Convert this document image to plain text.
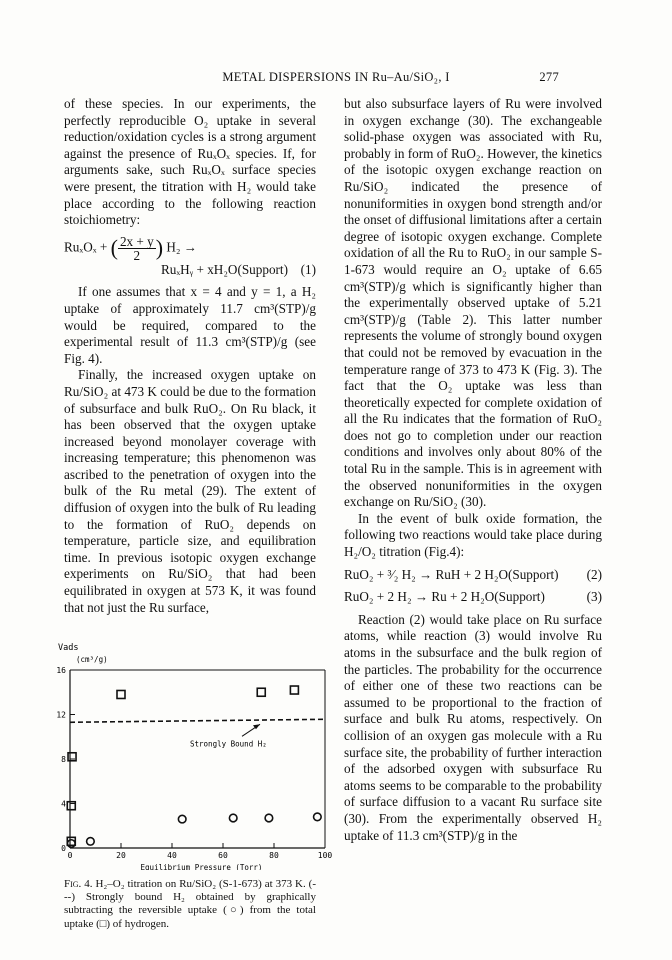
METAL DISPERSIONS IN Ru–Au/SiO₂, I	277

of these species. In our experiments, the perfectly reproducible O₂ uptake in several reduction/oxidation cycles is a strong argument against the presence of RuₓOₓ species. If, for arguments sake, such RuₓOₓ surface species were present, the titration with H₂ would take place according to the following reaction stoichiometry:

RuₓOₓ + ( $\frac{2x + y}{2}$ ) H₂ →
RuₓHᵧ + xH₂O(Support) (1)

If one assumes that x = 4 and y = 1, a H₂ uptake of approximately 11.7 cm³(STP)/g would be required, compared to the experimental result of 11.3 cm³(STP)/g (see Fig. 4).

Finally, the increased oxygen uptake on Ru/SiO₂ at 473 K could be due to the formation of subsurface and bulk RuO₂. On Ru black, it has been observed that the oxygen uptake increased beyond monolayer coverage with increasing temperature; this phenomenon was ascribed to the penetration of oxygen into the bulk of the Ru metal (29). The extent of diffusion of oxygen into the bulk of Ru leading to the formation of RuO₂ depends on temperature, particle size, and equilibration time. In previous isotopic oxygen exchange experiments on Ru/SiO₂ that had been equilibrated in oxygen at 573 K, it was found that not just the Ru surface,

but also subsurface layers of Ru were involved in oxygen exchange (30). The exchangeable solid-phase oxygen was associated with Ru, probably in form of RuO₂. However, the kinetics of the isotopic oxygen exchange reaction on Ru/SiO₂ indicated the presence of nonuniformities in oxygen bond strength and/or the onset of diffusional limitations after a certain degree of isotopic oxygen exchange. Complete oxidation of all the Ru to RuO₂ in our sample S-1-673 would require an O₂ uptake of 6.65 cm³(STP)/g which is significantly higher than the experimentally observed uptake of 5.21 cm³(STP)/g (Table 2). This latter number represents the volume of strongly bound oxygen that could not be removed by evacuation in the temperature range of 373 to 473 K (Fig. 3). The fact that the O₂ uptake was less than theoretically expected for complete oxidation of all the Ru indicates that the formation of RuO₂ does not go to completion under our reaction conditions and involves only about 80% of the total Ru in the sample. This is in agreement with the observed nonuniformities in the oxygen exchange on Ru/SiO₂ (30).

In the event of bulk oxide formation, the following two reactions would take place during H₂/O₂ titration (Fig.4):

RuO₂ + ³⁄₂ H₂ → RuH + 2 H₂O(Support) (2)
RuO₂ + 2 H₂ → Ru + 2 H₂O(Support)	(3)

Reaction (2) would take place on Ru surface atoms, while reaction (3) would involve Ru atoms in the subsurface and the bulk region of the particles. The probability for the occurrence of either one of these two reactions can be assumed to be proportional to the fraction of surface and bulk Ru atoms, respectively. On collision of an oxygen gas molecule with a Ru surface site, the probability of further interaction of the adsorbed oxygen with subsurface Ru atoms seems to be comparable to the probability of surface diffusion to a vacant Ru surface site (30). From the experimentally observed H₂ uptake of 11.3 cm³(STP)/g in the

Vads
(cm³/g)
0
4
8
12
16
0	20	40	60	80	100
Equilibrium Pressure (Torr)
Strongly Bound H₂
Fig. 4. H₂–O₂ titration on Ru/SiO₂ (S-1-673) at 373 K. (---) Strongly bound H₂ obtained by graphically subtracting the reversible uptake (○) from the total uptake (□) of hydrogen.
